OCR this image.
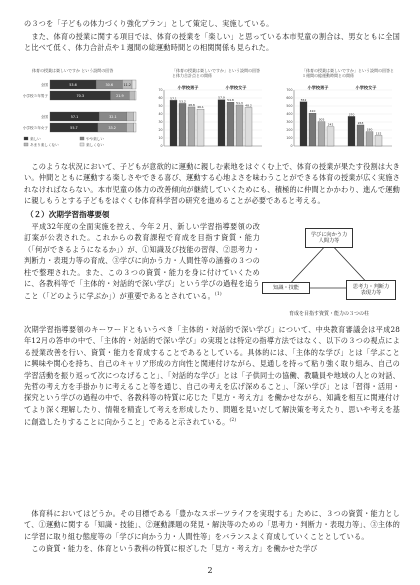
の３つを「子どもの体力づくり強化プラン」として策定し、実施している。
　また、体育の授業に関する項目では、体育の授業を「楽しい」と思っている本市児童の割合は、男女ともに全国と比べて低く、体力合計点や１週間の総運動時間との相関関係も見られた。
体育の授業は楽しいですか という設問の回答
全国	53.6	30.6	11.2
小学校５年男子	70.3	21.9
全国	57.1	32.1
小学校５年女子	55.7	33.2
楽しい	やや楽しい
あまり楽しくない	楽しくない
「体育の授業は楽しいですか」という設問の回答と体力合計点との関係
0
10
20
30
40
50
60
70
小学校男子
57.1
53.2
48.8
46.1
小学校女子
57.9
54.8
51.3
48.2
「体育の授業は楽しいですか」という設問の回答と１週間の総運動時間との関係
0
100
200
300
400
500
600
700
小学校男子
552
410
305
242
小学校女子
370
263
180
132
　このような状況において、子どもが意欲的に運動に親しむ素地をはぐくむ上で、体育の授業が果たす役割は大きい。仲間とともに運動する楽しさやできる喜び、運動する心地よさを味わうことができる体育の授業が広く実施されなければならない。本市児童の体力の改善傾向が継続していくためにも、積極的に仲間とかかわり、進んで運動に親しもうとする子どもをはぐくむ体育科学習の研究を進めることが必要であると考える。
（２）次期学習指導要領
　平成32年度の全面実施を控え、今年２月、新しい学習指導要領の改訂案が公表された。これからの教育課程で育成を目指す資質・能力（「何ができるようになるか」）が、①知識及び技能の習得、②思考力・判断力・表現力等の育成、③学びに向かう力・人間性等の涵養の３つの柱で整理された。また、この３つの資質・能力を身に付けていくために、各教科等で「主体的・対話的で深い学び」という学びの過程を追うこと（「どのように学ぶか」）が重要であるとされている。$^{(1)}$
学びに向かう力
人間力等
知識・技能	思考力・判断力
表現力等
育成を目指す資質・能力の３つの柱
次期学習指導要領のキーワードともいうべき「主体的・対話的で深い学び」について、中央教育審議会は平成28年12月の答申の中で、「主体的・対話的で深い学び」の実現とは特定の指導方法ではなく、以下の３つの視点による授業改善を行い、資質・能力を育成することであるとしている。具体的には、「主体的な学び」とは「学ぶことに興味や関心を持ち、自己のキャリア形成の方向性と関連付けながら、見通しを持って粘り強く取り組み、自己の学習活動を振り返って次につなげること」、「対話的な学び」とは「子供同士の協働、教職員や地域の人との対話、先哲の考え方を手掛かりに考えること等を通じ、自己の考えを広げ深めること」、「深い学び」とは「習得・活用・探究という学びの過程の中で、各教科等の特質に応じた『見方・考え方』を働かせながら、知識を相互に関連付けてより深く理解したり、情報を精査して考えを形成したり、問題を見いだして解決策を考えたり、思いや考えを基に創造したりすることに向かうこと」であると示されている。$^{(2)}$
　体育科においてはどうか。その目標である「豊かなスポーツライフを実現する」ために、３つの資質・能力として、①運動に関する「知識・技能」、②運動課題の発見・解決等のための「思考力・判断力・表現力等」、③主体的に学習に取り組む態度等の「学びに向かう力・人間性等」をバランスよく育成していくこととしている。
　この資質・能力を、体育という教科の特質に根ざした「見方・考え方」を働かせた学び
2
